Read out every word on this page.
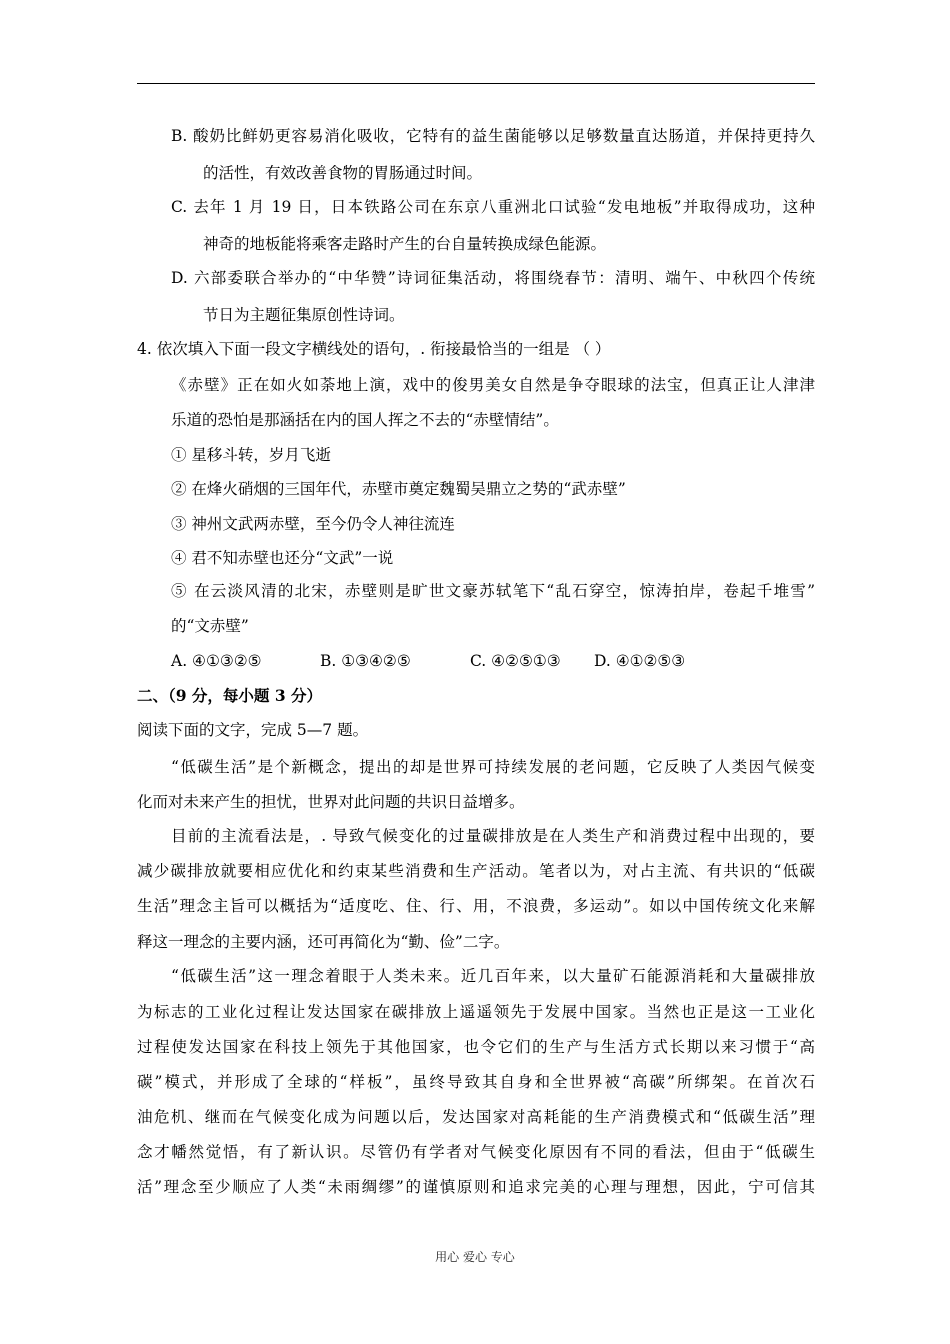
B. 酸奶比鲜奶更容易消化吸收，它特有的益生菌能够以足够数量直达肠道，并保持更持久
的活性，有效改善食物的胃肠通过时间。
C. 去年 1 月 19 日，日本铁路公司在东京八重洲北口试验“发电地板”并取得成功，这种
神奇的地板能将乘客走路时产生的台自量转换成绿色能源。
D. 六部委联合举办的“中华赞”诗词征集活动，将围绕春节：清明、端午、中秋四个传统
节日为主题征集原创性诗词。
4. 依次填入下面一段文字横线处的语句，. 衔接最恰当的一组是 （ ）
《赤壁》正在如火如荼地上演，戏中的俊男美女自然是争夺眼球的法宝，但真正让人津津
乐道的恐怕是那涵括在内的国人挥之不去的“赤壁情结”。
① 星移斗转，岁月飞逝
② 在烽火硝烟的三国年代，赤壁市奠定魏蜀吴鼎立之势的“武赤壁”
③ 神州文武两赤壁，至今仍令人神往流连
④ 君不知赤壁也还分“文武”一说
⑤ 在云淡风清的北宋，赤壁则是旷世文豪苏轼笔下“乱石穿空，惊涛拍岸，卷起千堆雪”
的“文赤壁”
A. ④①③②⑤	B. ①③④②⑤	C. ④②⑤①③ D. ④①②⑤③
二、（9 分，每小题 3 分）
阅读下面的文字，完成 5—7 题。
“低碳生活”是个新概念，提出的却是世界可持续发展的老问题，它反映了人类因气候变
化而对未来产生的担忧，世界对此问题的共识日益增多。
目前的主流看法是，. 导致气候变化的过量碳排放是在人类生产和消费过程中出现的，要
减少碳排放就要相应优化和约束某些消费和生产活动。笔者以为，对占主流、有共识的“低碳
生活”理念主旨可以概括为“适度吃、住、行、用，不浪费，多运动”。如以中国传统文化来解
释这一理念的主要内涵，还可再简化为“勤、俭”二字。
“低碳生活”这一理念着眼于人类未来。近几百年来，以大量矿石能源消耗和大量碳排放
为标志的工业化过程让发达国家在碳排放上遥遥领先于发展中国家。当然也正是这一工业化
过程使发达国家在科技上领先于其他国家，也令它们的生产与生活方式长期以来习惯于“高
碳”模式，并形成了全球的“样板”，虽终导致其自身和全世界被“高碳”所绑架。在首次石
油危机、继而在气候变化成为问题以后，发达国家对高耗能的生产消费模式和“低碳生活”理
念才幡然觉悟，有了新认识。尽管仍有学者对气候变化原因有不同的看法，但由于“低碳生
活”理念至少顺应了人类“未雨绸缪”的谨慎原则和追求完美的心理与理想，因此，宁可信其
用心 爱心 专心
